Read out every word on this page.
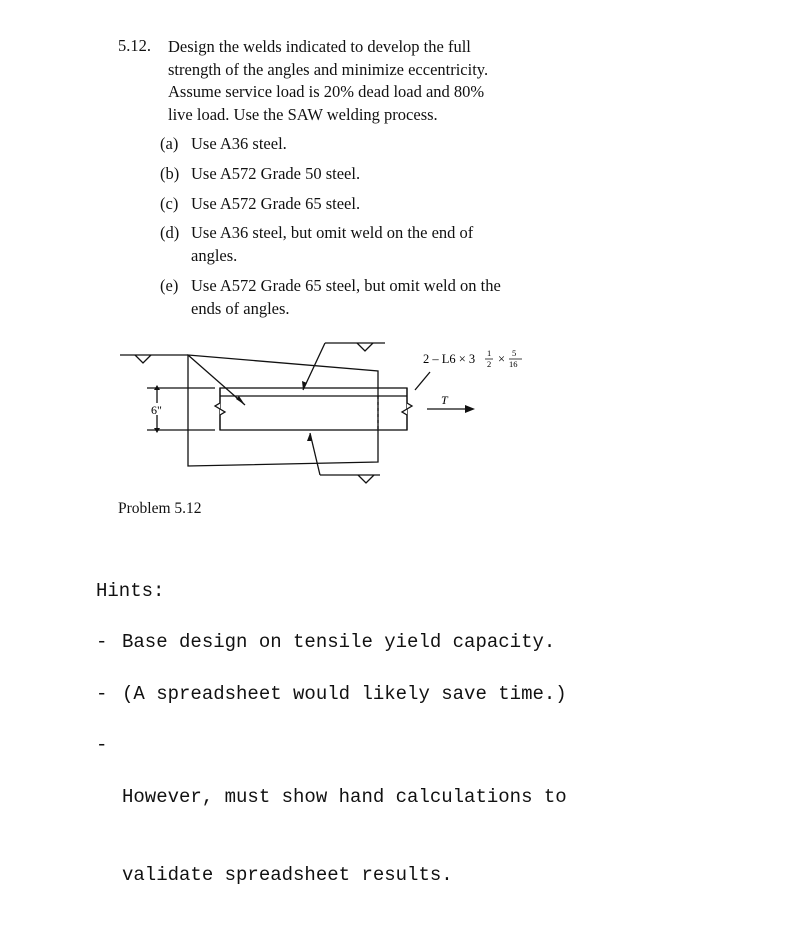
5.12. Design the welds indicated to develop the full
strength of the angles and minimize eccentricity.
Assume service load is 20% dead load and 80%
live load. Use the SAW welding process.
(a) Use A36 steel.
(b) Use A572 Grade 50 steel.
(c) Use A572 Grade 65 steel.
(d) Use A36 steel, but omit weld on the end of
angles.
(e) Use A572 Grade 65 steel, but omit weld on the
ends of angles.
6"
T
2 – L6 × 3 1
2 × 5
16
Problem 5.12
Hints:

-

Base design on tensile yield capacity.

-

(A spreadsheet would likely save time.)

-

However, must show hand calculations to

validate spreadsheet results.
